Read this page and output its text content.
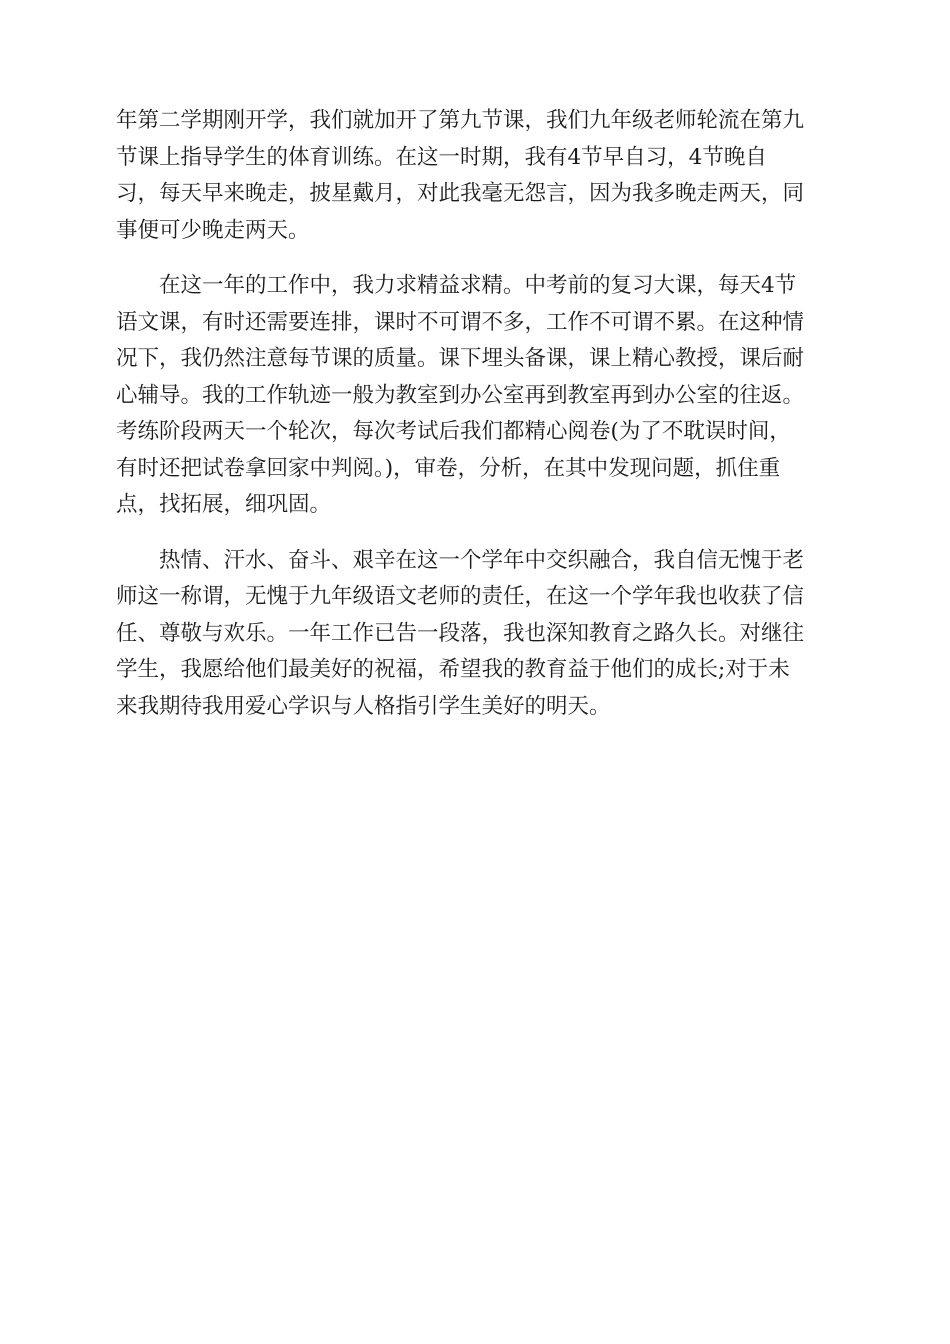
年第二学期刚开学，我们就加开了第九节课，我们九年级老师轮流在第九
节课上指导学生的体育训练。在这一时期，我有4节早自习，4节晚自
习，每天早来晚走，披星戴月，对此我毫无怨言，因为我多晚走两天，同
事便可少晚走两天。
在这一年的工作中，我力求精益求精。中考前的复习大课，每天4节
语文课，有时还需要连排，课时不可谓不多，工作不可谓不累。在这种情
况下，我仍然注意每节课的质量。课下埋头备课，课上精心教授，课后耐
心辅导。我的工作轨迹一般为教室到办公室再到教室再到办公室的往返。
考练阶段两天一个轮次，每次考试后我们都精心阅卷(为了不耽误时间，
有时还把试卷拿回家中判阅。)，审卷，分析，在其中发现问题，抓住重
点，找拓展，细巩固。
热情、汗水、奋斗、艰辛在这一个学年中交织融合，我自信无愧于老
师这一称谓，无愧于九年级语文老师的责任，在这一个学年我也收获了信
任、尊敬与欢乐。一年工作已告一段落，我也深知教育之路久长。对继往
学生，我愿给他们最美好的祝福，希望我的教育益于他们的成长;对于未
来我期待我用爱心学识与人格指引学生美好的明天。
